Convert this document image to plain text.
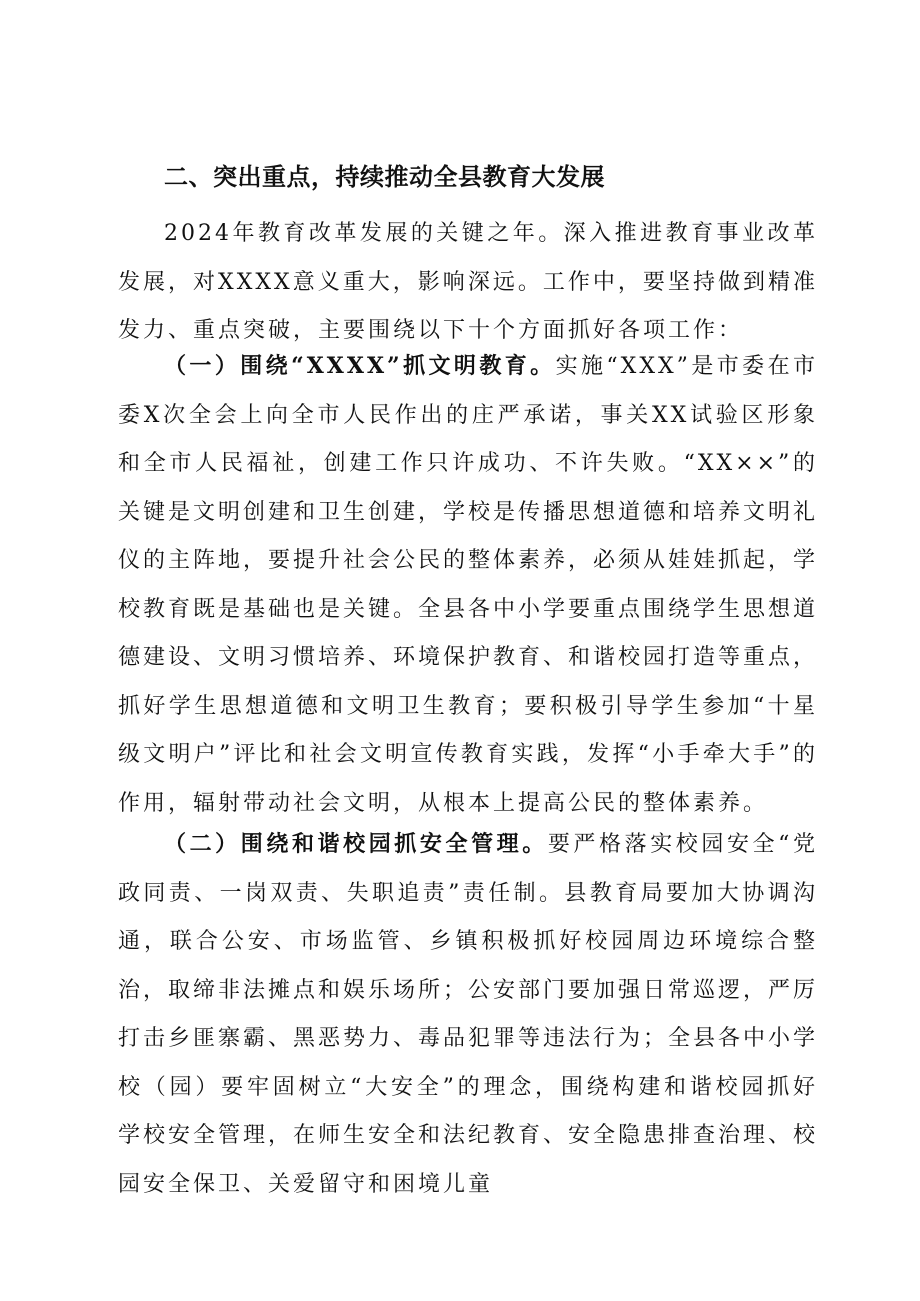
二、突出重点，持续推动全县教育大发展

2024年教育改革发展的关键之年。深入推进教育事业改革发展，对XXXX意义重大，影响深远。工作中，要坚持做到精准发力、重点突破，主要围绕以下十个方面抓好各项工作：

（一）围绕“XXXX”抓文明教育。实施“XXX”是市委在市委X次全会上向全市人民作出的庄严承诺，事关XX试验区形象和全市人民福祉，创建工作只许成功、不许失败。“XX××”的关键是文明创建和卫生创建，学校是传播思想道德和培养文明礼仪的主阵地，要提升社会公民的整体素养，必须从娃娃抓起，学校教育既是基础也是关键。全县各中小学要重点围绕学生思想道德建设、文明习惯培养、环境保护教育、和谐校园打造等重点，抓好学生思想道德和文明卫生教育；要积极引导学生参加“十星级文明户”评比和社会文明宣传教育实践，发挥“小手牵大手”的作用，辐射带动社会文明，从根本上提高公民的整体素养。

（二）围绕和谐校园抓安全管理。要严格落实校园安全“党政同责、一岗双责、失职追责”责任制。县教育局要加大协调沟通，联合公安、市场监管、乡镇积极抓好校园周边环境综合整治，取缔非法摊点和娱乐场所；公安部门要加强日常巡逻，严厉打击乡匪寨霸、黑恶势力、毒品犯罪等违法行为；全县各中小学校（园）要牢固树立“大安全”的理念，围绕构建和谐校园抓好学校安全管理，在师生安全和法纪教育、安全隐患排查治理、校园安全保卫、关爱留守和困境儿童
